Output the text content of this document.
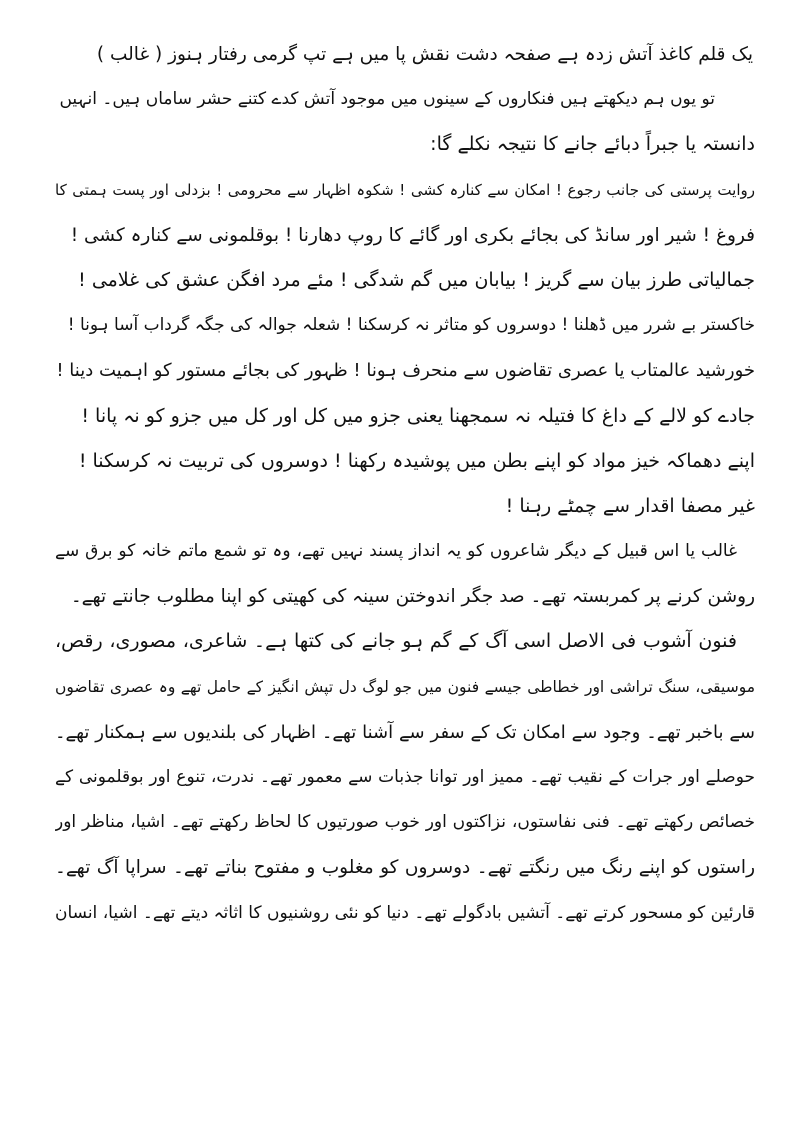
یک قلم کاغذ آتش زدہ ہے صفحہ دشت نقش پا میں ہے تپ گرمی رفتار ہنوز ( غالب )
تو یوں ہم دیکھتے ہیں فنکاروں کے سینوں میں موجود آتش کدے کتنے حشر ساماں ہیں۔ انہیں
دانستہ یا جبراً دبائے جانے کا نتیجہ نکلے گا:
روایت پرستی کی جانب رجوع ! امکان سے کنارہ کشی ! شکوہ اظہار سے محرومی ! بزدلی اور پست ہمتی کا
فروغ ! شیر اور سانڈ کی بجائے بکری اور گائے کا روپ دھارنا ! بوقلمونی سے کنارہ کشی !
جمالیاتی طرز بیان سے گریز ! بیابان میں گم شدگی ! مئے مرد افگن عشق کی غلامی !
خاکستر بے شرر میں ڈھلنا ! دوسروں کو متاثر نہ کرسکنا ! شعلہ جوالہ کی جگہ گرداب آسا ہونا !
خورشید عالمتاب یا عصری تقاضوں سے منحرف ہونا ! ظہور کی بجائے مستور کو اہمیت دینا !
جادے کو لالے کے داغ کا فتیلہ نہ سمجھنا یعنی جزو میں کل اور کل میں جزو کو نہ پانا !
اپنے دھماکہ خیز مواد کو اپنے بطن میں پوشیدہ رکھنا ! دوسروں کی تربیت نہ کرسکنا !
غیر مصفا اقدار سے چمٹے رہنا !
غالب یا اس قبیل کے دیگر شاعروں کو یہ انداز پسند نہیں تھے، وہ تو شمع ماتم خانہ کو برق سے
روشن کرنے پر کمربستہ تھے۔ صد جگر اندوختن سینہ کی کھیتی کو اپنا مطلوب جانتے تھے۔
فنون آشوب فی الاصل اسی آگ کے گم ہو جانے کی کتھا ہے۔ شاعری، مصوری، رقص،
موسیقی، سنگ تراشی اور خطاطی جیسے فنون میں جو لوگ دل تپش انگیز کے حامل تھے وہ عصری تقاضوں
سے باخبر تھے۔ وجود سے امکان تک کے سفر سے آشنا تھے۔ اظہار کی بلندیوں سے ہمکنار تھے۔
حوصلے اور جرات کے نقیب تھے۔ ممیز اور توانا جذبات سے معمور تھے۔ ندرت، تنوع اور بوقلمونی کے
خصائص رکھتے تھے۔ فنی نفاستوں، نزاکتوں اور خوب صورتیوں کا لحاظ رکھتے تھے۔ اشیا، مناظر اور
راستوں کو اپنے رنگ میں رنگتے تھے۔ دوسروں کو مغلوب و مفتوح بناتے تھے۔ سراپا آگ تھے۔
قارئین کو مسحور کرتے تھے۔ آتشیں بادگولے تھے۔ دنیا کو نئی روشنیوں کا اثاثہ دیتے تھے۔ اشیا، انسان
